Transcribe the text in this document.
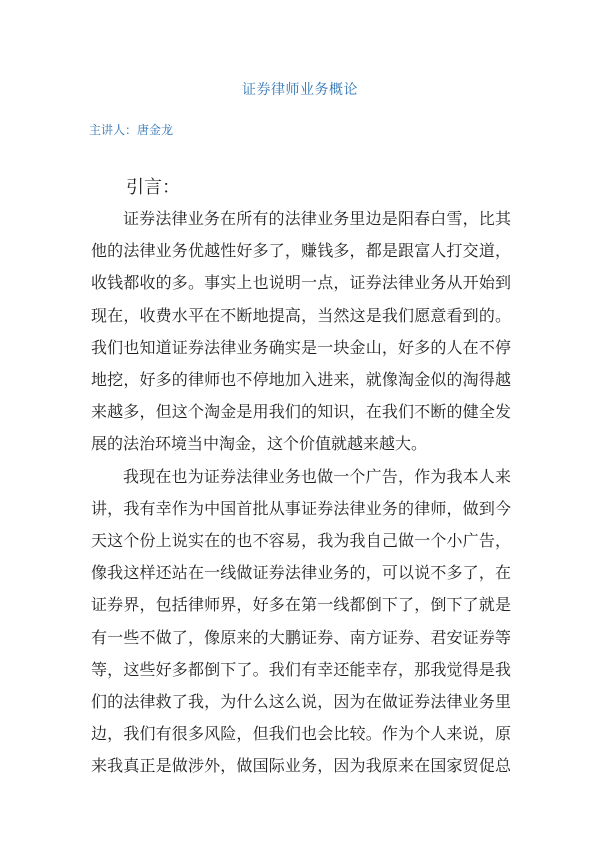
证券律师业务概论
主讲人：唐金龙
引言：
证券法律业务在所有的法律业务里边是阳春白雪，比其
他的法律业务优越性好多了，赚钱多，都是跟富人打交道，
收钱都收的多。事实上也说明一点，证券法律业务从开始到
现在，收费水平在不断地提高，当然这是我们愿意看到的。
我们也知道证券法律业务确实是一块金山，好多的人在不停
地挖，好多的律师也不停地加入进来，就像淘金似的淘得越
来越多，但这个淘金是用我们的知识，在我们不断的健全发
展的法治环境当中淘金，这个价值就越来越大。
我现在也为证券法律业务也做一个广告，作为我本人来
讲，我有幸作为中国首批从事证券法律业务的律师，做到今
天这个份上说实在的也不容易，我为我自己做一个小广告，
像我这样还站在一线做证券法律业务的，可以说不多了，在
证券界，包括律师界，好多在第一线都倒下了，倒下了就是
有一些不做了，像原来的大鹏证券、南方证券、君安证券等
等，这些好多都倒下了。我们有幸还能幸存，那我觉得是我
们的法律救了我，为什么这么说，因为在做证券法律业务里
边，我们有很多风险，但我们也会比较。作为个人来说，原
来我真正是做涉外，做国际业务，因为我原来在国家贸促总
